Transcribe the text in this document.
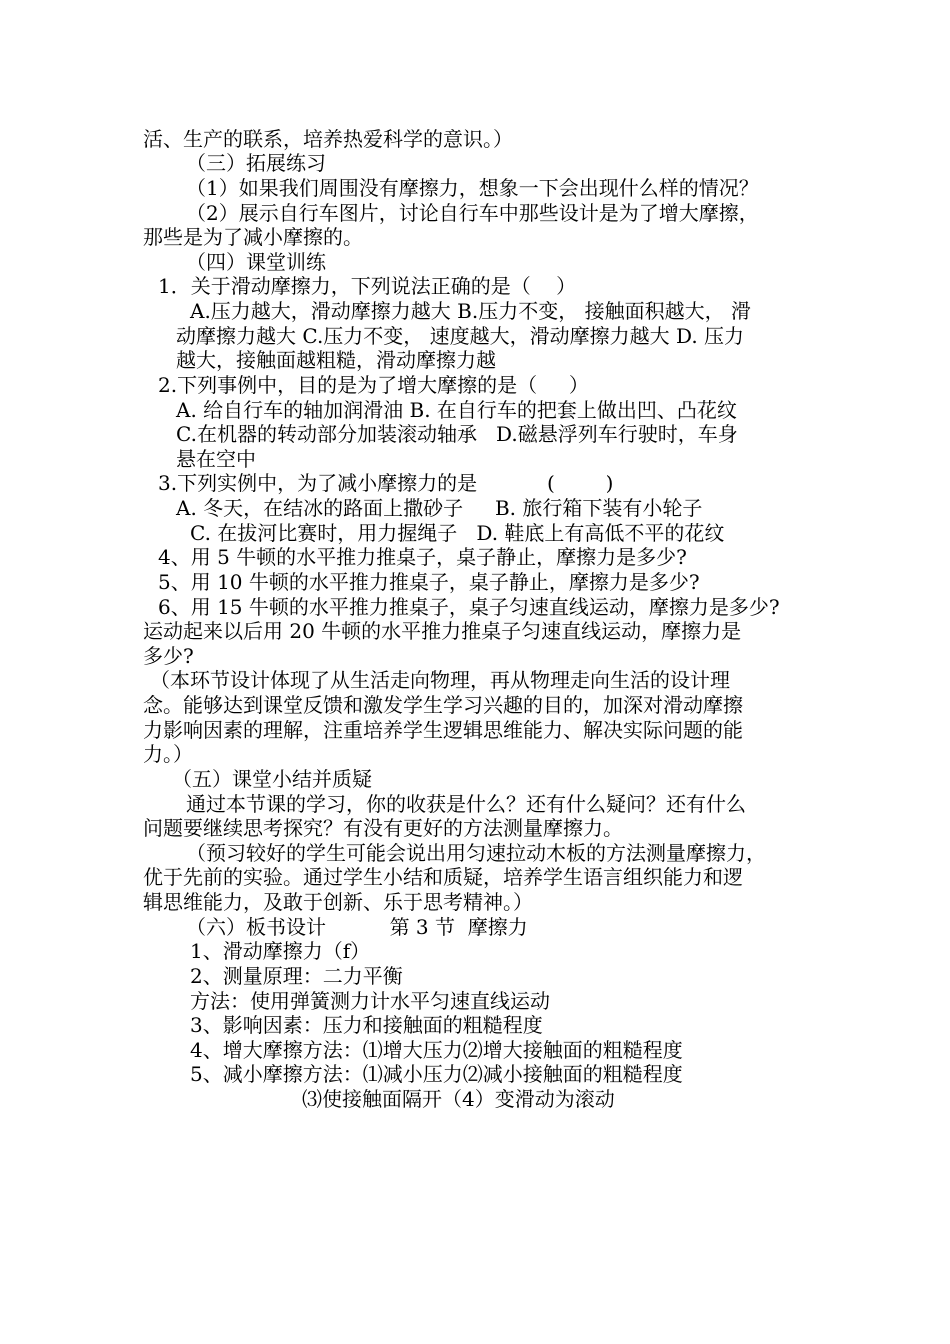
活、生产的联系，培养热爱科学的意识。）
（三）拓展练习
（1）如果我们周围没有摩擦力，想象一下会出现什么样的情况？
（2）展示自行车图片，讨论自行车中那些设计是为了增大摩擦，
那些是为了减小摩擦的。
（四）课堂训练
1．关于滑动摩擦力，下列说法正确的是（    ）
A.压力越大，滑动摩擦力越大 B.压力不变， 接触面积越大， 滑
动摩擦力越大 C.压力不变， 速度越大，滑动摩擦力越大 D. 压力
越大，接触面越粗糙，滑动摩擦力越
2.下列事例中，目的是为了增大摩擦的是（     ）
A. 给自行车的轴加润滑油 B. 在自行车的把套上做出凹、凸花纹
C.在机器的转动部分加装滚动轴承   D.磁悬浮列车行驶时，车身
悬在空中
3.下列实例中，为了减小摩擦力的是           (        )
A. 冬天，在结冰的路面上撒砂子     B. 旅行箱下装有小轮子
C. 在拔河比赛时，用力握绳子   D. 鞋底上有高低不平的花纹
4、用 5 牛顿的水平推力推桌子，桌子静止，摩擦力是多少?
5、用 10 牛顿的水平推力推桌子，桌子静止，摩擦力是多少?
6、用 15 牛顿的水平推力推桌子，桌子匀速直线运动，摩擦力是多少?
运动起来以后用 20 牛顿的水平推力推桌子匀速直线运动，摩擦力是
多少?
（本环节设计体现了从生活走向物理，再从物理走向生活的设计理
念。能够达到课堂反馈和激发学生学习兴趣的目的，加深对滑动摩擦
力影响因素的理解，注重培养学生逻辑思维能力、解决实际问题的能
力。）
（五）课堂小结并质疑
通过本节课的学习，你的收获是什么？还有什么疑问？还有什么
问题要继续思考探究？有没有更好的方法测量摩擦力。
（预习较好的学生可能会说出用匀速拉动木板的方法测量摩擦力，
优于先前的实验。通过学生小结和质疑，培养学生语言组织能力和逻
辑思维能力，及敢于创新、乐于思考精神。）
（六）板书设计          第 3 节  摩擦力
1、滑动摩擦力（f）
2、测量原理：二力平衡
方法：使用弹簧测力计水平匀速直线运动
3、影响因素：压力和接触面的粗糙程度
4、增大摩擦方法：⑴增大压力⑵增大接触面的粗糙程度
5、减小摩擦方法：⑴减小压力⑵减小接触面的粗糙程度
⑶使接触面隔开（4）变滑动为滚动
